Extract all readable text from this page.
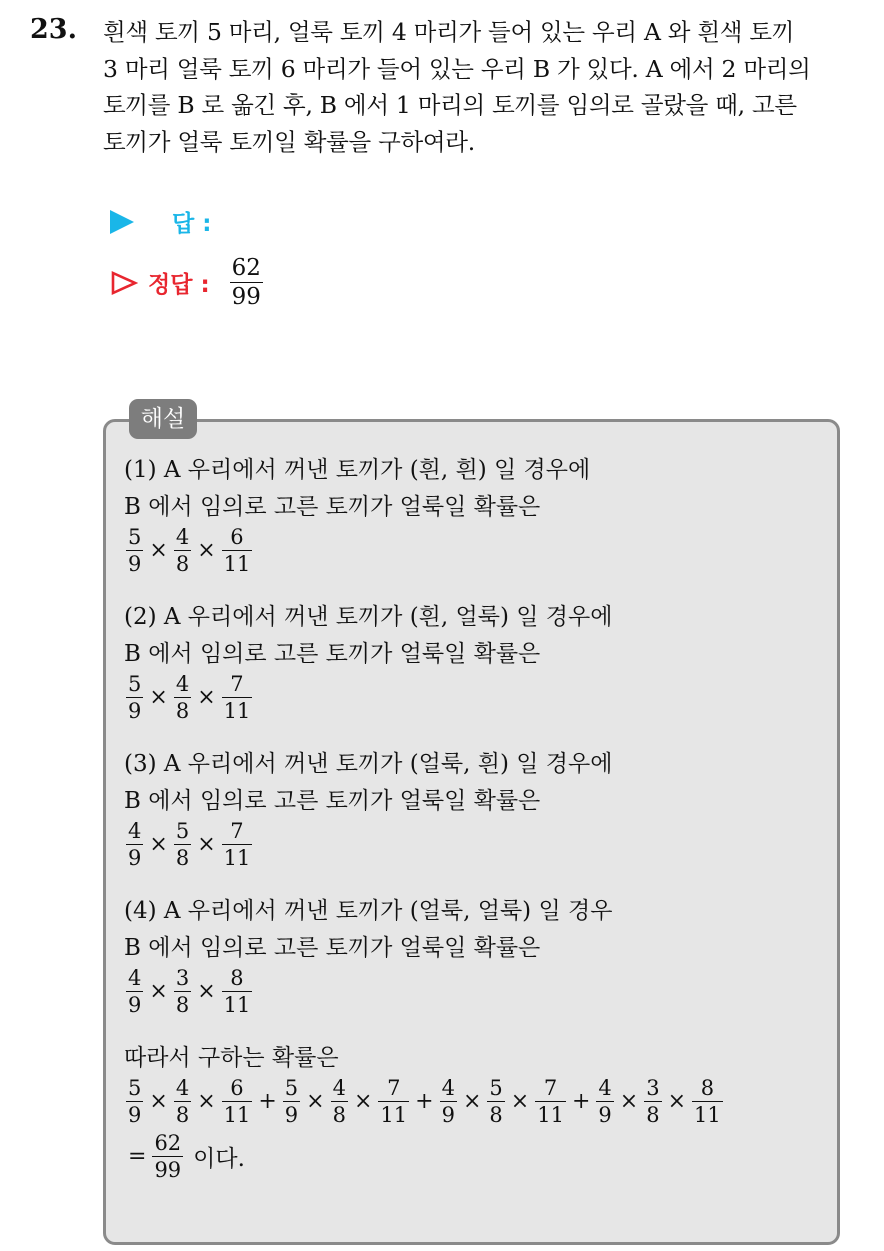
23. 흰색 토끼 5 마리, 얼룩 토끼 4 마리가 들어 있는 우리 A 와 흰색 토끼
3 마리 얼룩 토끼 6 마리가 들어 있는 우리 B 가 있다. A 에서 2 마리의
토끼를 B 로 옮긴 후, B 에서 1 마리의 토끼를 임의로 골랐을 때, 고른
토끼가 얼룩 토끼일 확률을 구하여라.
답 :
정답 : $\frac{62}{99}$
해설
(1) A 우리에서 꺼낸 토끼가 (흰, 흰) 일 경우에
B 에서 임의로 고른 토끼가 얼룩일 확률은
$\frac{5}{9} \times \frac{4}{8} \times \frac{6}{11}$
(2) A 우리에서 꺼낸 토끼가 (흰, 얼룩) 일 경우에
B 에서 임의로 고른 토끼가 얼룩일 확률은
$\frac{5}{9} \times \frac{4}{8} \times \frac{7}{11}$
(3) A 우리에서 꺼낸 토끼가 (얼룩, 흰) 일 경우에
B 에서 임의로 고른 토끼가 얼룩일 확률은
$\frac{4}{9} \times \frac{5}{8} \times \frac{7}{11}$
(4) A 우리에서 꺼낸 토끼가 (얼룩, 얼룩) 일 경우
B 에서 임의로 고른 토끼가 얼룩일 확률은
$\frac{4}{9} \times \frac{3}{8} \times \frac{8}{11}$
따라서 구하는 확률은
$\frac{5}{9} \times \frac{4}{8} \times \frac{6}{11} + \frac{5}{9} \times \frac{4}{8} \times \frac{7}{11} + \frac{4}{9} \times \frac{5}{8} \times \frac{7}{11} + \frac{4}{9} \times \frac{3}{8} \times \frac{8}{11}$
= $\frac{62}{99}$ 이다.
